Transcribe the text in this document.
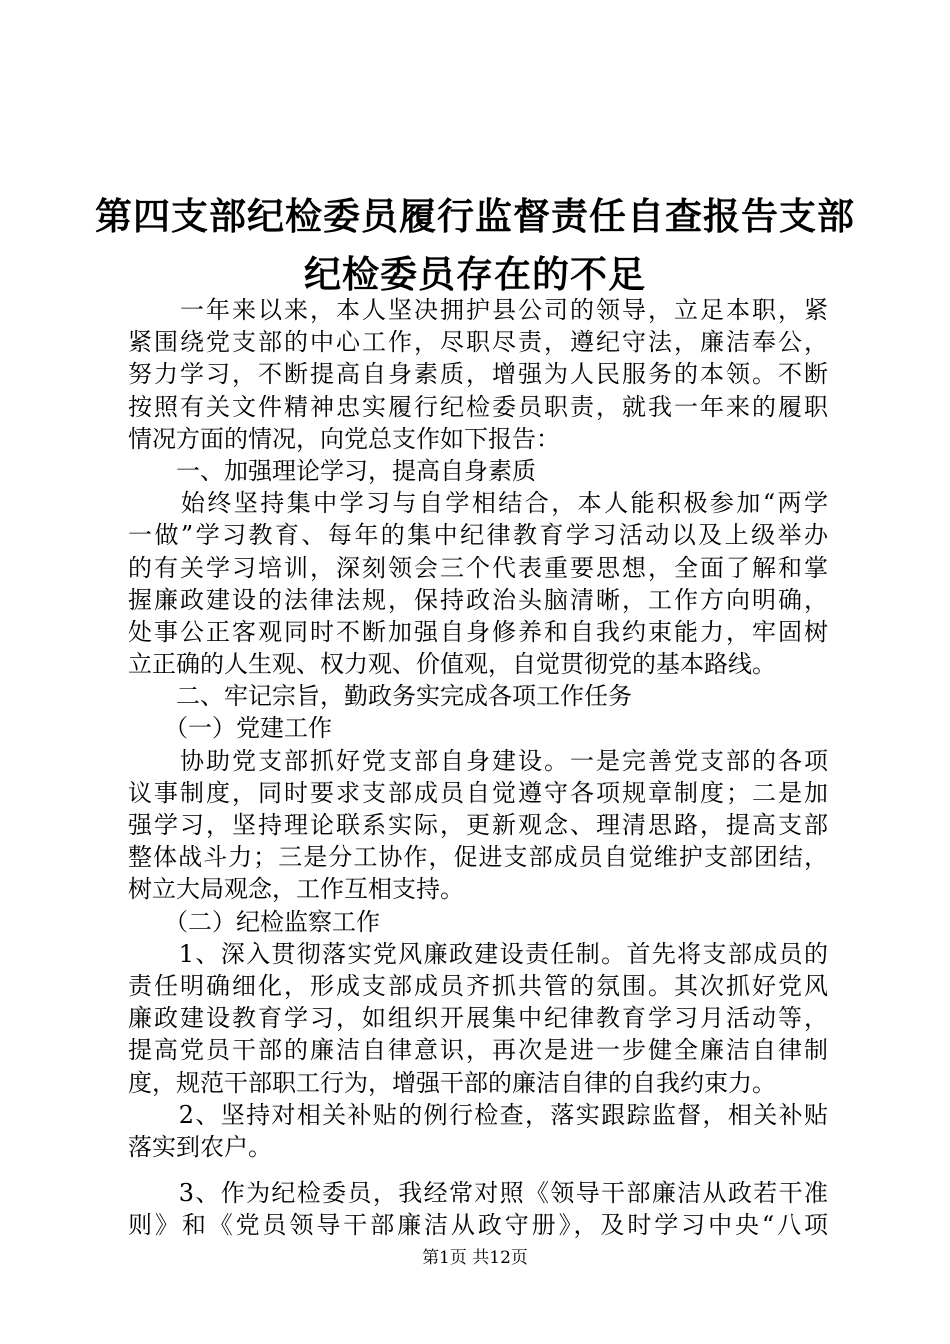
第四支部纪检委员履行监督责任自查报告支部
纪检委员存在的不足
　　一年来以来，本人坚决拥护县公司的领导，立足本职，紧
紧围绕党支部的中心工作，尽职尽责，遵纪守法，廉洁奉公，
努力学习，不断提高自身素质，增强为人民服务的本领。不断
按照有关文件精神忠实履行纪检委员职责，就我一年来的履职
情况方面的情况，向党总支作如下报告：
　　一、加强理论学习，提高自身素质
　　始终坚持集中学习与自学相结合，本人能积极参加“两学
一做”学习教育、每年的集中纪律教育学习活动以及上级举办
的有关学习培训，深刻领会三个代表重要思想，全面了解和掌
握廉政建设的法律法规，保持政治头脑清晰，工作方向明确，
处事公正客观同时不断加强自身修养和自我约束能力，牢固树
立正确的人生观、权力观、价值观，自觉贯彻党的基本路线。
　　二、牢记宗旨，勤政务实完成各项工作任务
　　（一）党建工作
　　协助党支部抓好党支部自身建设。一是完善党支部的各项
议事制度，同时要求支部成员自觉遵守各项规章制度；二是加
强学习，坚持理论联系实际，更新观念、理清思路，提高支部
整体战斗力；三是分工协作，促进支部成员自觉维护支部团结，
树立大局观念，工作互相支持。
　　（二）纪检监察工作
　　1、深入贯彻落实党风廉政建设责任制。首先将支部成员的
责任明确细化，形成支部成员齐抓共管的氛围。其次抓好党风
廉政建设教育学习，如组织开展集中纪律教育学习月活动等，
提高党员干部的廉洁自律意识，再次是进一步健全廉洁自律制
度，规范干部职工行为，增强干部的廉洁自律的自我约束力。
　　2、坚持对相关补贴的例行检查，落实跟踪监督，相关补贴
落实到农户。
　　3、作为纪检委员，我经常对照《领导干部廉洁从政若干准
则》和《党员领导干部廉洁从政守册》，及时学习中央“八项
第1页 共12页
